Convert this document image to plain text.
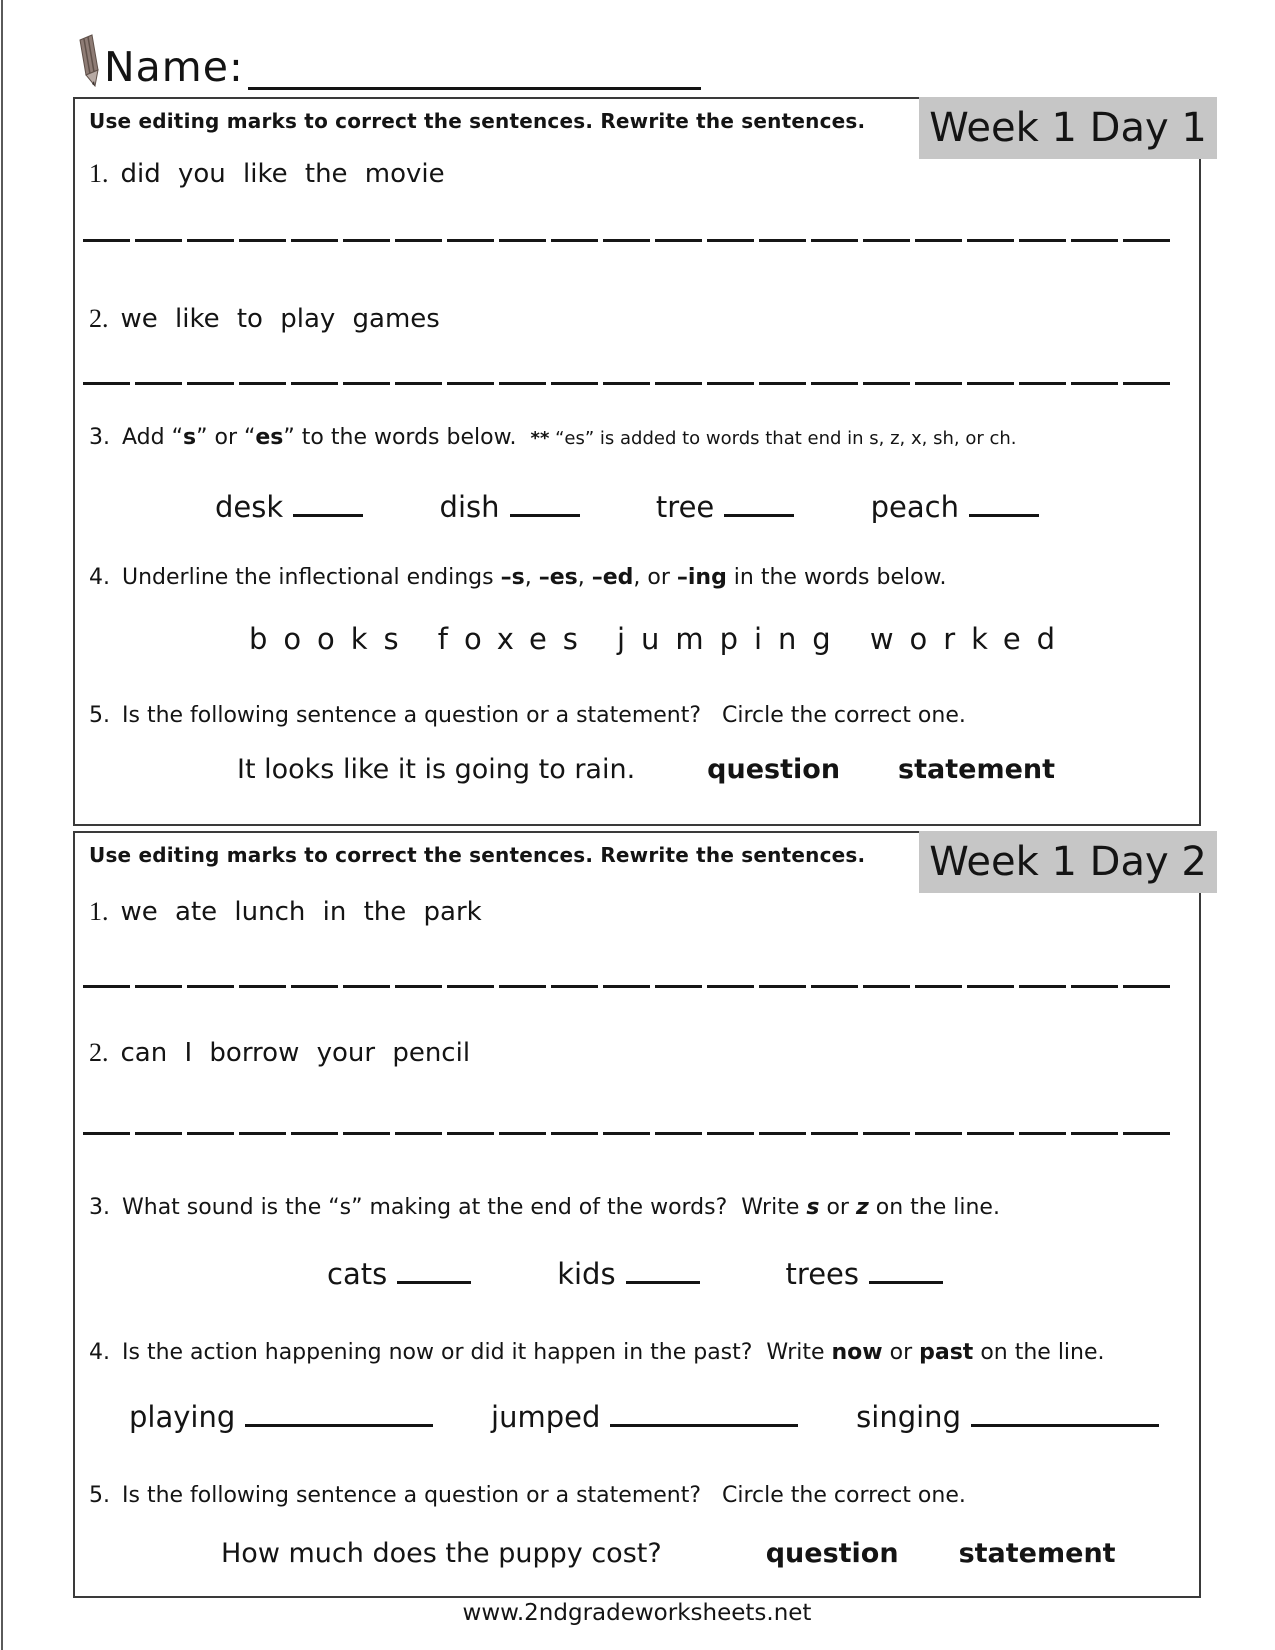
Name:
Week 1 Day 1
Use editing marks to correct the sentences. Rewrite the sentences.
1. did you like the movie
2. we like to play games
3. Add “s” or “es” to the words below.  ** “es” is added to words that end in s, z, x, sh, or ch.
desk	dish	tree	peach
4. Underline the inflectional endings –s, –es, –ed, or –ing in the words below.
books foxes jumping worked
5. Is the following sentence a question or a statement?   Circle the correct one.
It looks like it is going to rain.	question statement
Week 1 Day 2
Use editing marks to correct the sentences. Rewrite the sentences.
1. we ate lunch in the park
2. can I borrow your pencil
3. What sound is the “s” making at the end of the words?  Write s or z on the line.
cats	kids	trees
4. Is the action happening now or did it happen in the past?  Write now or past on the line.
playing	jumped	singing
5. Is the following sentence a question or a statement?   Circle the correct one.
How much does the puppy cost?	question statement
www.2ndgradeworksheets.net
